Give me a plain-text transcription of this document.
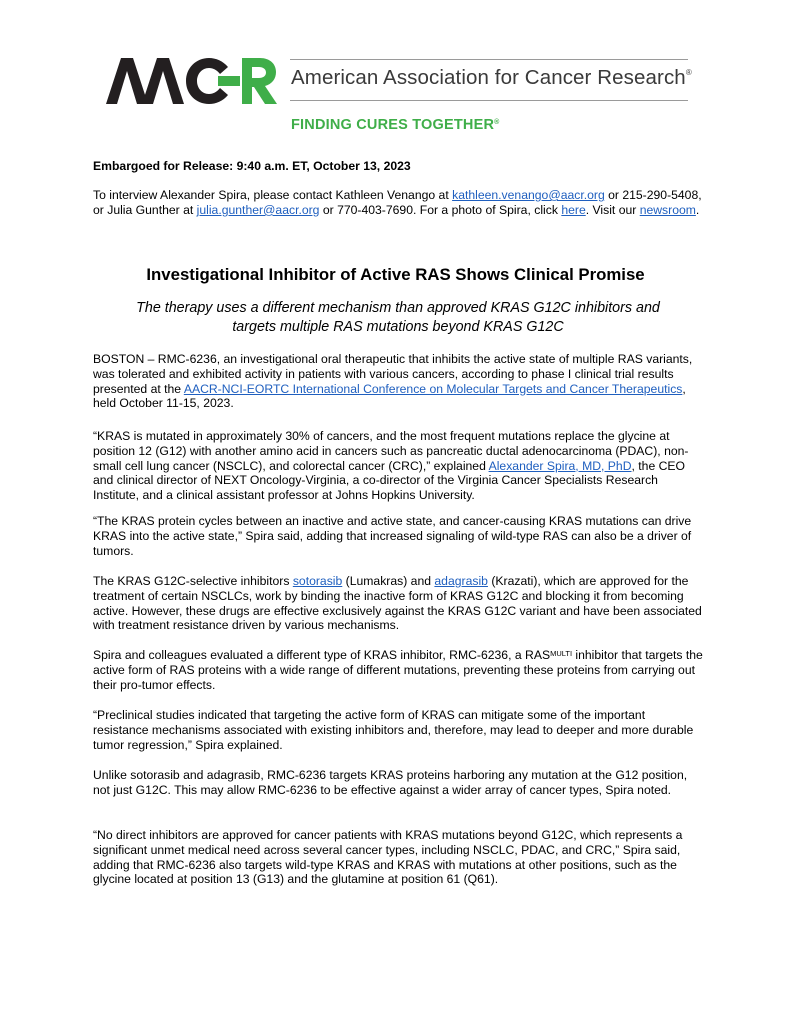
American Association for Cancer Research®
FINDING CURES TOGETHER®
Embargoed for Release: 9:40 a.m. ET, October 13, 2023
To interview Alexander Spira, please contact Kathleen Venango at kathleen.venango@aacr.org or 215-290-5408, or Julia Gunther at julia.gunther@aacr.org or 770-403-7690. For a photo of Spira, click here. Visit our newsroom.
Investigational Inhibitor of Active RAS Shows Clinical Promise
The therapy uses a different mechanism than approved KRAS G12C inhibitors and
targets multiple RAS mutations beyond KRAS G12C
BOSTON – RMC-6236, an investigational oral therapeutic that inhibits the active state of multiple RAS variants, was tolerated and exhibited activity in patients with various cancers, according to phase I clinical trial results presented at the AACR-NCI-EORTC International Conference on Molecular Targets and Cancer Therapeutics, held October 11-15, 2023.
“KRAS is mutated in approximately 30% of cancers, and the most frequent mutations replace the glycine at position 12 (G12) with another amino acid in cancers such as pancreatic ductal adenocarcinoma (PDAC), non-small cell lung cancer (NSCLC), and colorectal cancer (CRC),” explained Alexander Spira, MD, PhD, the CEO and clinical director of NEXT Oncology-Virginia, a co-director of the Virginia Cancer Specialists Research Institute, and a clinical assistant professor at Johns Hopkins University.
“The KRAS protein cycles between an inactive and active state, and cancer-causing KRAS mutations can drive KRAS into the active state,” Spira said, adding that increased signaling of wild-type RAS can also be a driver of tumors.
The KRAS G12C-selective inhibitors sotorasib (Lumakras) and adagrasib (Krazati), which are approved for the treatment of certain NSCLCs, work by binding the inactive form of KRAS G12C and blocking it from becoming active. However, these drugs are effective exclusively against the KRAS G12C variant and have been associated with treatment resistance driven by various mechanisms.
Spira and colleagues evaluated a different type of KRAS inhibitor, RMC-6236, a $RAS^{MULTI}$ inhibitor that targets the active form of RAS proteins with a wide range of different mutations, preventing these proteins from carrying out their pro-tumor effects.
“Preclinical studies indicated that targeting the active form of KRAS can mitigate some of the important resistance mechanisms associated with existing inhibitors and, therefore, may lead to deeper and more durable tumor regression,” Spira explained.
Unlike sotorasib and adagrasib, RMC-6236 targets KRAS proteins harboring any mutation at the G12 position, not just G12C. This may allow RMC-6236 to be effective against a wider array of cancer types, Spira noted.
“No direct inhibitors are approved for cancer patients with KRAS mutations beyond G12C, which represents a significant unmet medical need across several cancer types, including NSCLC, PDAC, and CRC,” Spira said, adding that RMC-6236 also targets wild-type KRAS and KRAS with mutations at other positions, such as the glycine located at position 13 (G13) and the glutamine at position 61 (Q61).
